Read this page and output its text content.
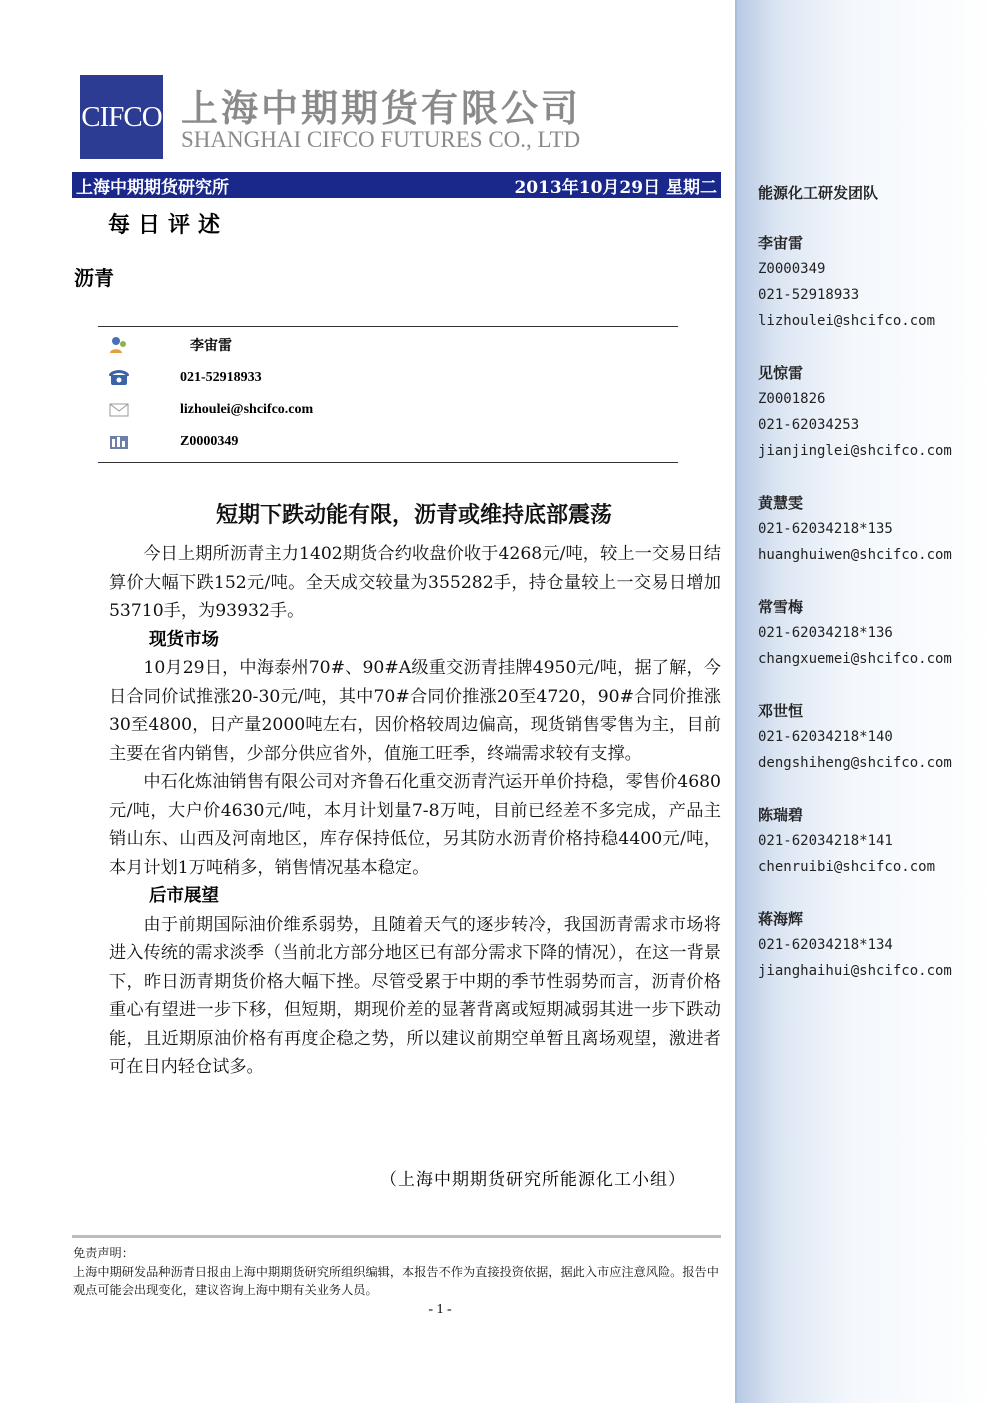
CIFCO 上海中期期货有限公司
SHANGHAI CIFCO FUTURES CO., LTD
上海中期期货研究所	2013年10月29日 星期二
每日评述
沥青
李宙雷
021-52918933
lizhoulei@shcifco.com
Z0000349
短期下跌动能有限，沥青或维持底部震荡

今日上期所沥青主力1402期货合约收盘价收于4268元/吨，较上一交易日结算价大幅下跌152元/吨。全天成交较量为355282手，持仓量较上一交易日增加53710手，为93932手。

现货市场

10月29日，中海泰州70#、90#A级重交沥青挂牌4950元/吨，据了解，今日合同价试推涨20-30元/吨，其中70#合同价推涨20至4720，90#合同价推涨30至4800，日产量2000吨左右，因价格较周边偏高，现货销售零售为主，目前主要在省内销售，少部分供应省外，值施工旺季，终端需求较有支撑。

中石化炼油销售有限公司对齐鲁石化重交沥青汽运开单价持稳，零售价4680元/吨，大户价4630元/吨，本月计划量7-8万吨，目前已经差不多完成，产品主销山东、山西及河南地区，库存保持低位，另其防水沥青价格持稳4400元/吨，本月计划1万吨稍多，销售情况基本稳定。

后市展望

由于前期国际油价维系弱势，且随着天气的逐步转冷，我国沥青需求市场将进入传统的需求淡季（当前北方部分地区已有部分需求下降的情况），在这一背景下，昨日沥青期货价格大幅下挫。尽管受累于中期的季节性弱势而言，沥青价格重心有望进一步下移，但短期，期现价差的显著背离或短期减弱其进一步下跌动能，且近期原油价格有再度企稳之势，所以建议前期空单暂且离场观望，激进者可在日内轻仓试多。

（上海中期期货研究所能源化工小组）
免责声明：
上海中期研发品种沥青日报由上海中期期货研究所组织编辑，本报告不作为直接投资依据，据此入市应注意风险。报告中观点可能会出现变化，建议咨询上海中期有关业务人员。
- 1 -
能源化工研发团队
李宙雷
Z0000349
021-52918933
lizhoulei@shcifco.com
见惊雷
Z0001826
021-62034253
jianjinglei@shcifco.com
黄慧雯
021-62034218*135
huanghuiwen@shcifco.com
常雪梅
021-62034218*136
changxuemei@shcifco.com
邓世恒
021-62034218*140
dengshiheng@shcifco.com
陈瑞碧
021-62034218*141
chenruibi@shcifco.com
蒋海辉
021-62034218*134
jianghaihui@shcifco.com
